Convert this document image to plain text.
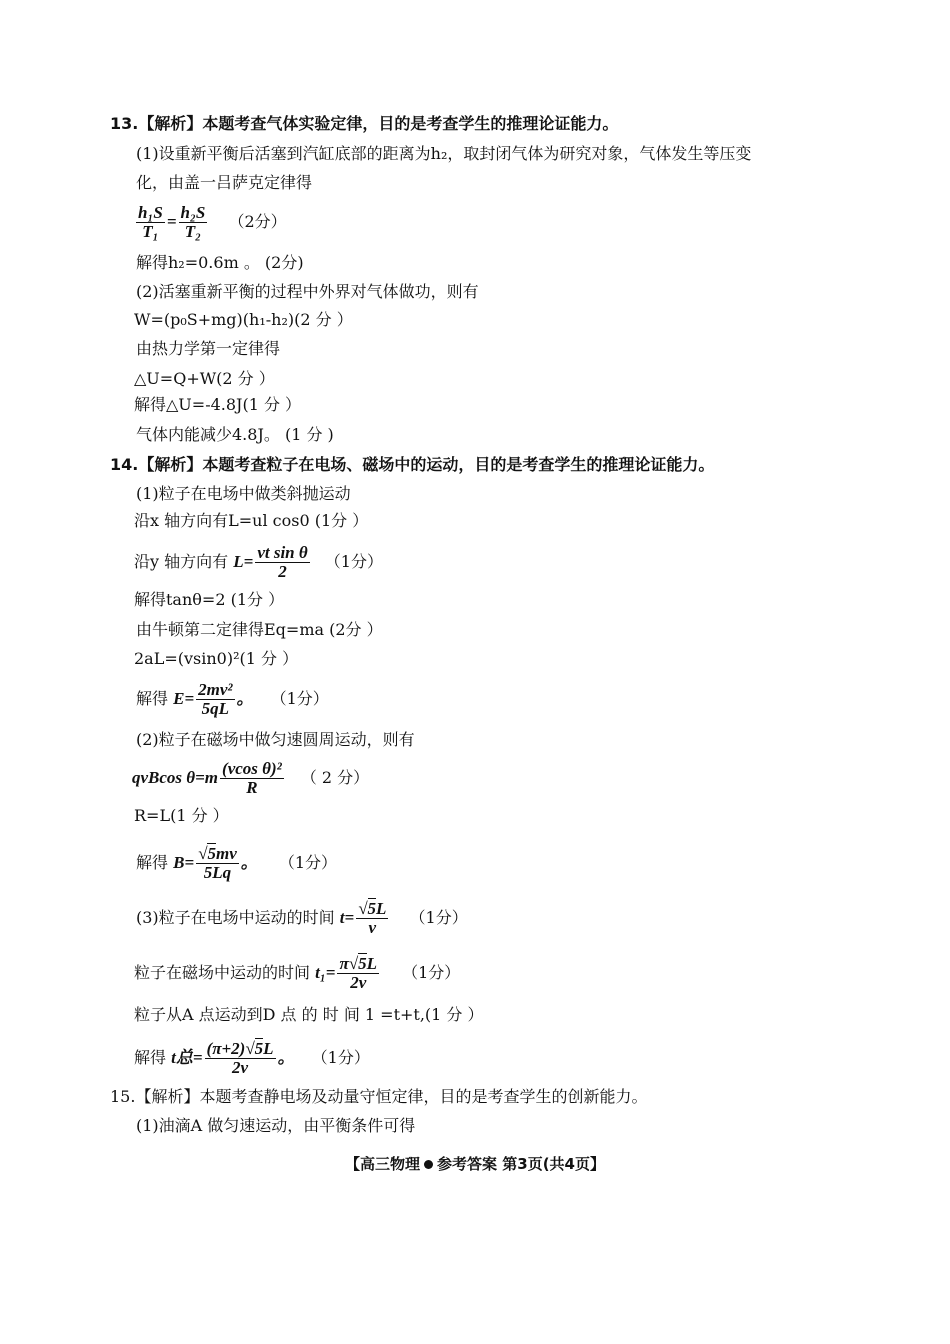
13.【解析】本题考查气体实验定律，目的是考查学生的推理论证能力。
(1)设重新平衡后活塞到汽缸底部的距离为h₂，取封闭气体为研究对象，气体发生等压变
化，由盖一吕萨克定律得
$\frac{\text{h₁S}}{\text{T₁}} = \frac{\text{h₂S}}{\text{T₂}} (2$分）
解得h₂=0.6m 。 (2分)
(2)活塞重新平衡的过程中外界对气体做功，则有
W=(p₀S+mg)(h₁-h₂)(2 分 ）
由热力学第一定律得
△U=Q+W(2 分 ）
解得△U=-4.8J(1 分 ）
气体内能减少4.8J。 (1 分 )
14.【解析】本题考查粒子在电场、磁场中的运动，目的是考查学生的推理论证能力。
(1)粒子在电场中做类斜抛运动
沿x 轴方向有L=ul cos0 (1分 ）
沿y 轴方向有 $L= \frac{\text{vt sin θ}}{2} (1$分）
解得tanθ=2 (1分 ）
由牛顿第二定律得Eq=ma (2分 ）
2aL=(vsin0)²(1 分 ）
解得 $E= \frac{\text{2mv²}}{5qL}$ 。 （1分）
(2)粒子在磁场中做匀速圆周运动，则有
qvBcos $\theta=m \frac{\text{(vcos θ)²}}{R}$ （ 2 分）
R=L(1 分 ）
解得 $B= \frac{√5mv}{5Lq}$ 。 （1分）
(3)粒子在电场中运动的时间 $t= \frac{√5L}{v} (1$分）
粒子在磁场中运动的时间 $t_1= \frac{\pi√5L}{2v} (1$分）
粒子从A 点运动到D 点 的 时 间 1 =t+t,(1 分 ）
解得 t总= $\frac{(\pi+2)√5L}{2v}$ 。 （1分）
15.【解析】本题考查静电场及动量守恒定律，目的是考查学生的创新能力。
(1)油滴A 做匀速运动，由平衡条件可得
【高三物理 参考答案 第3页(共4页】
